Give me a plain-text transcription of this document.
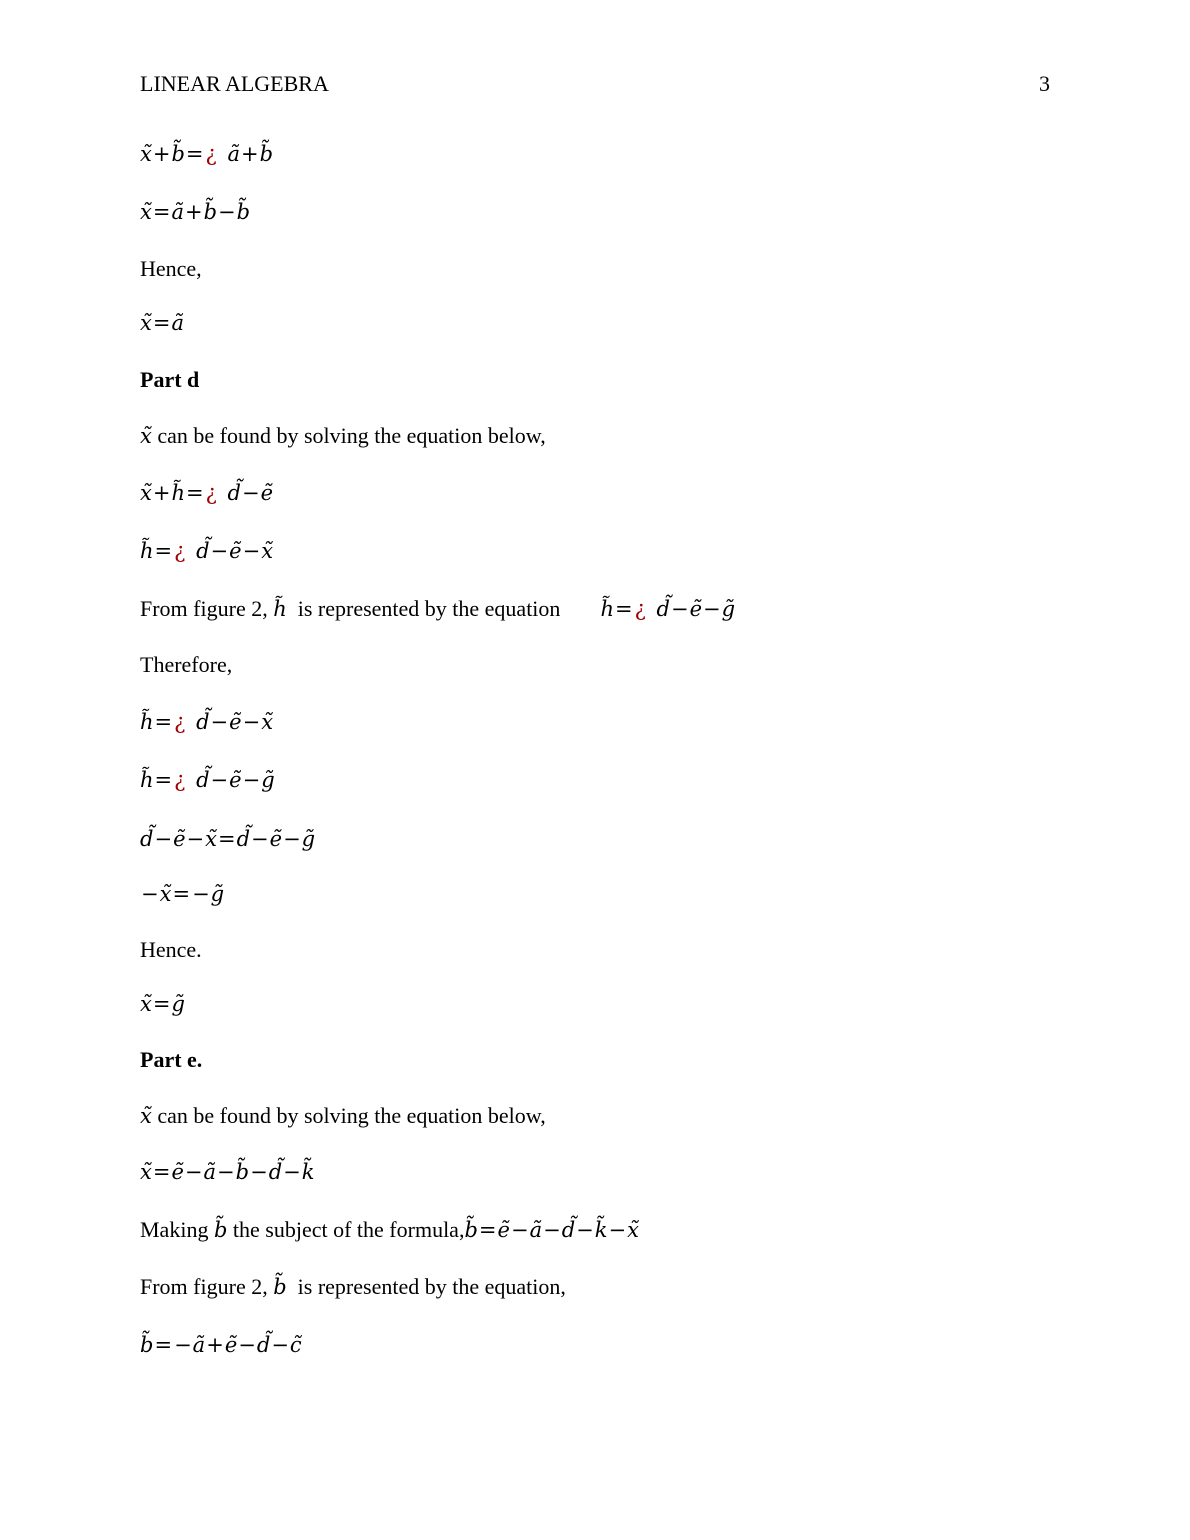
LINEAR ALGEBRA	3
x+b=¿ ã+b
x=ã+b−b
Hence,
x=ã
Part d
x can be found by solving the equation below,
x+h=¿ d−ẽ
h=¿ d−ẽ−x
From figure 2, h  is represented by the equation h=¿ d−ẽ−g
Therefore,
h=¿ d−ẽ−x
h=¿ d−ẽ−g
d−ẽ−x=d−ẽ−g
−x=−g
Hence.
x=g
Part e.
x can be found by solving the equation below,
x=ẽ−ã−b−d−k
Making b the subject of the formula,b=ẽ−ã−d−k−x
From figure 2, b  is represented by the equation,
b=−ã+ẽ−d−c
